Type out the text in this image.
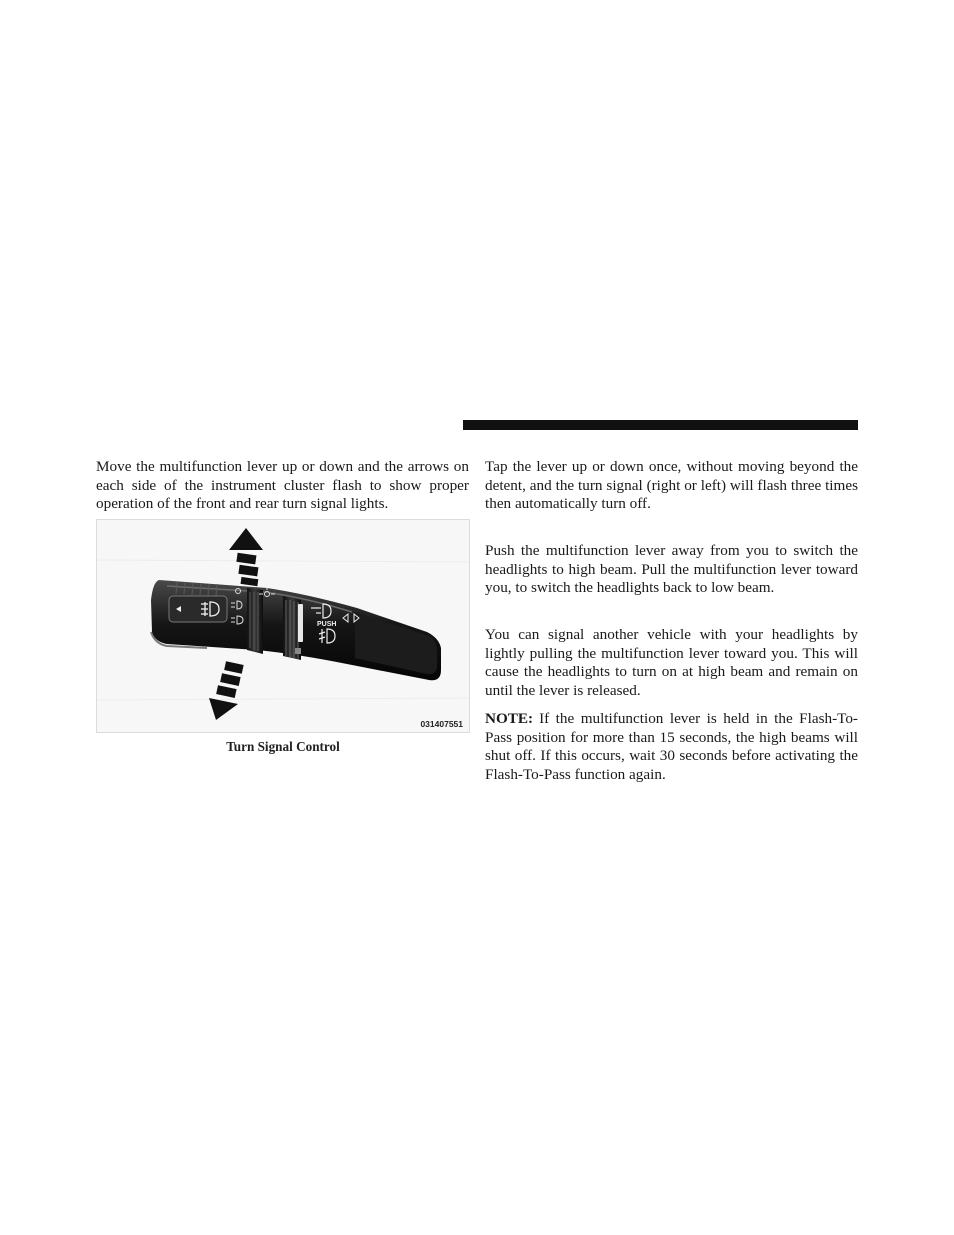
Move the multifunction lever up or down and the arrows on each side of the instrument cluster flash to show proper operation of the front and rear turn signal lights.

PUSH
031407551
Turn Signal Control

Tap the lever up or down once, without moving beyond the detent, and the turn signal (right or left) will flash three times then automatically turn off.

Push the multifunction lever away from you to switch the headlights to high beam. Pull the multifunction lever toward you, to switch the headlights back to low beam.

You can signal another vehicle with your headlights by lightly pulling the multifunction lever toward you. This will cause the headlights to turn on at high beam and remain on until the lever is released.

NOTE: If the multifunction lever is held in the Flash-To-Pass position for more than 15 seconds, the high beams will shut off. If this occurs, wait 30 seconds before activating the Flash-To-Pass function again.
